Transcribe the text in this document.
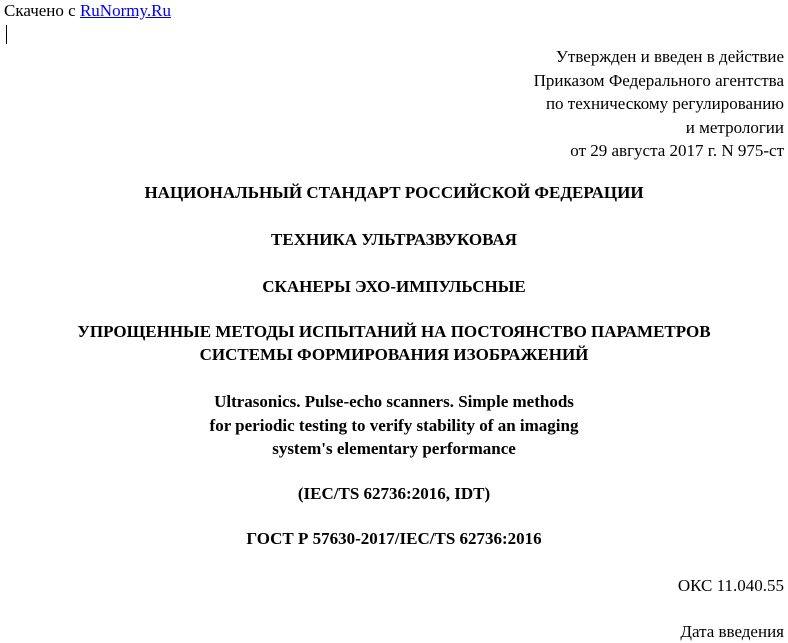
Скачено с RuNormy.Ru
Утвержден и введен в действие
Приказом Федерального агентства
по техническому регулированию
и метрологии
от 29 августа 2017 г. N 975-ст
НАЦИОНАЛЬНЫЙ СТАНДАРТ РОССИЙСКОЙ ФЕДЕРАЦИИ
ТЕХНИКА УЛЬТРАЗВУКОВАЯ
СКАНЕРЫ ЭХО-ИМПУЛЬСНЫЕ
УПРОЩЕННЫЕ МЕТОДЫ ИСПЫТАНИЙ НА ПОСТОЯНСТВО ПАРАМЕТРОВ
СИСТЕМЫ ФОРМИРОВАНИЯ ИЗОБРАЖЕНИЙ
Ultrasonics. Pulse-echo scanners. Simple methods
for periodic testing to verify stability of an imaging
system's elementary performance
(IEC/TS 62736:2016, IDT)
ГОСТ Р 57630-2017/IEC/TS 62736:2016
ОКС 11.040.55
Дата введения
